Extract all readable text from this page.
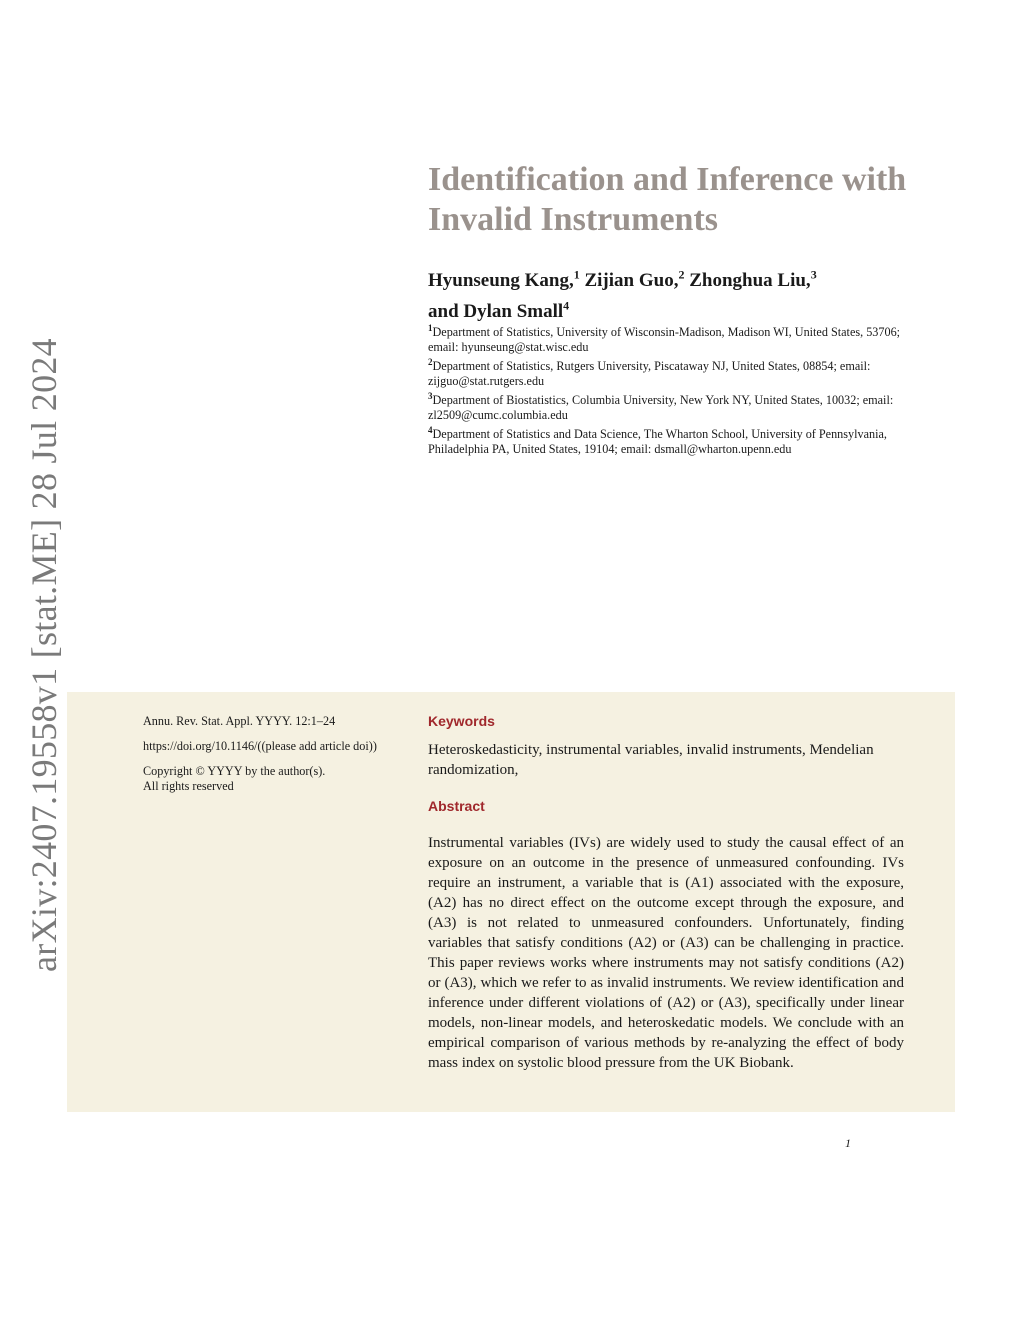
arXiv:2407.19558v1 [stat.ME] 28 Jul 2024
Identification and Inference with Invalid Instruments
Hyunseung Kang,$^1$ Zijian Guo,$^2$ Zhonghua Liu,$^3$
and Dylan Small$^4$

$^1$Department of Statistics, University of Wisconsin-Madison, Madison WI, United States, 53706; email: hyunseung@stat.wisc.edu

$^2$Department of Statistics, Rutgers University, Piscataway NJ, United States, 08854; email: zijguo@stat.rutgers.edu

$^3$Department of Biostatistics, Columbia University, New York NY, United States, 10032; email: zl2509@cumc.columbia.edu

$^4$Department of Statistics and Data Science, The Wharton School, University of Pennsylvania, Philadelphia PA, United States, 19104; email: dsmall@wharton.upenn.edu

Annu. Rev. Stat. Appl. YYYY. 12:1–24

https://doi.org/10.1146/((please add article doi))

Copyright © YYYY by the author(s).
All rights reserved

Keywords
Heteroskedasticity, instrumental variables, invalid instruments, Mendelian randomization,
Abstract

Instrumental variables (IVs) are widely used to study the causal effect of an exposure on an outcome in the presence of unmeasured confounding. IVs require an instrument, a variable that is (A1) associated with the exposure, (A2) has no direct effect on the outcome except through the exposure, and (A3) is not related to unmeasured confounders. Unfortunately, finding variables that satisfy conditions (A2) or (A3) can be challenging in practice. This paper reviews works where instruments may not satisfy conditions (A2) or (A3), which we refer to as invalid instruments. We review identification and inference under different violations of (A2) or (A3), specifically under linear models, non-linear models, and heteroskedatic models. We conclude with an empirical comparison of various methods by re-analyzing the effect of body mass index on systolic blood pressure from the UK Biobank.

1
